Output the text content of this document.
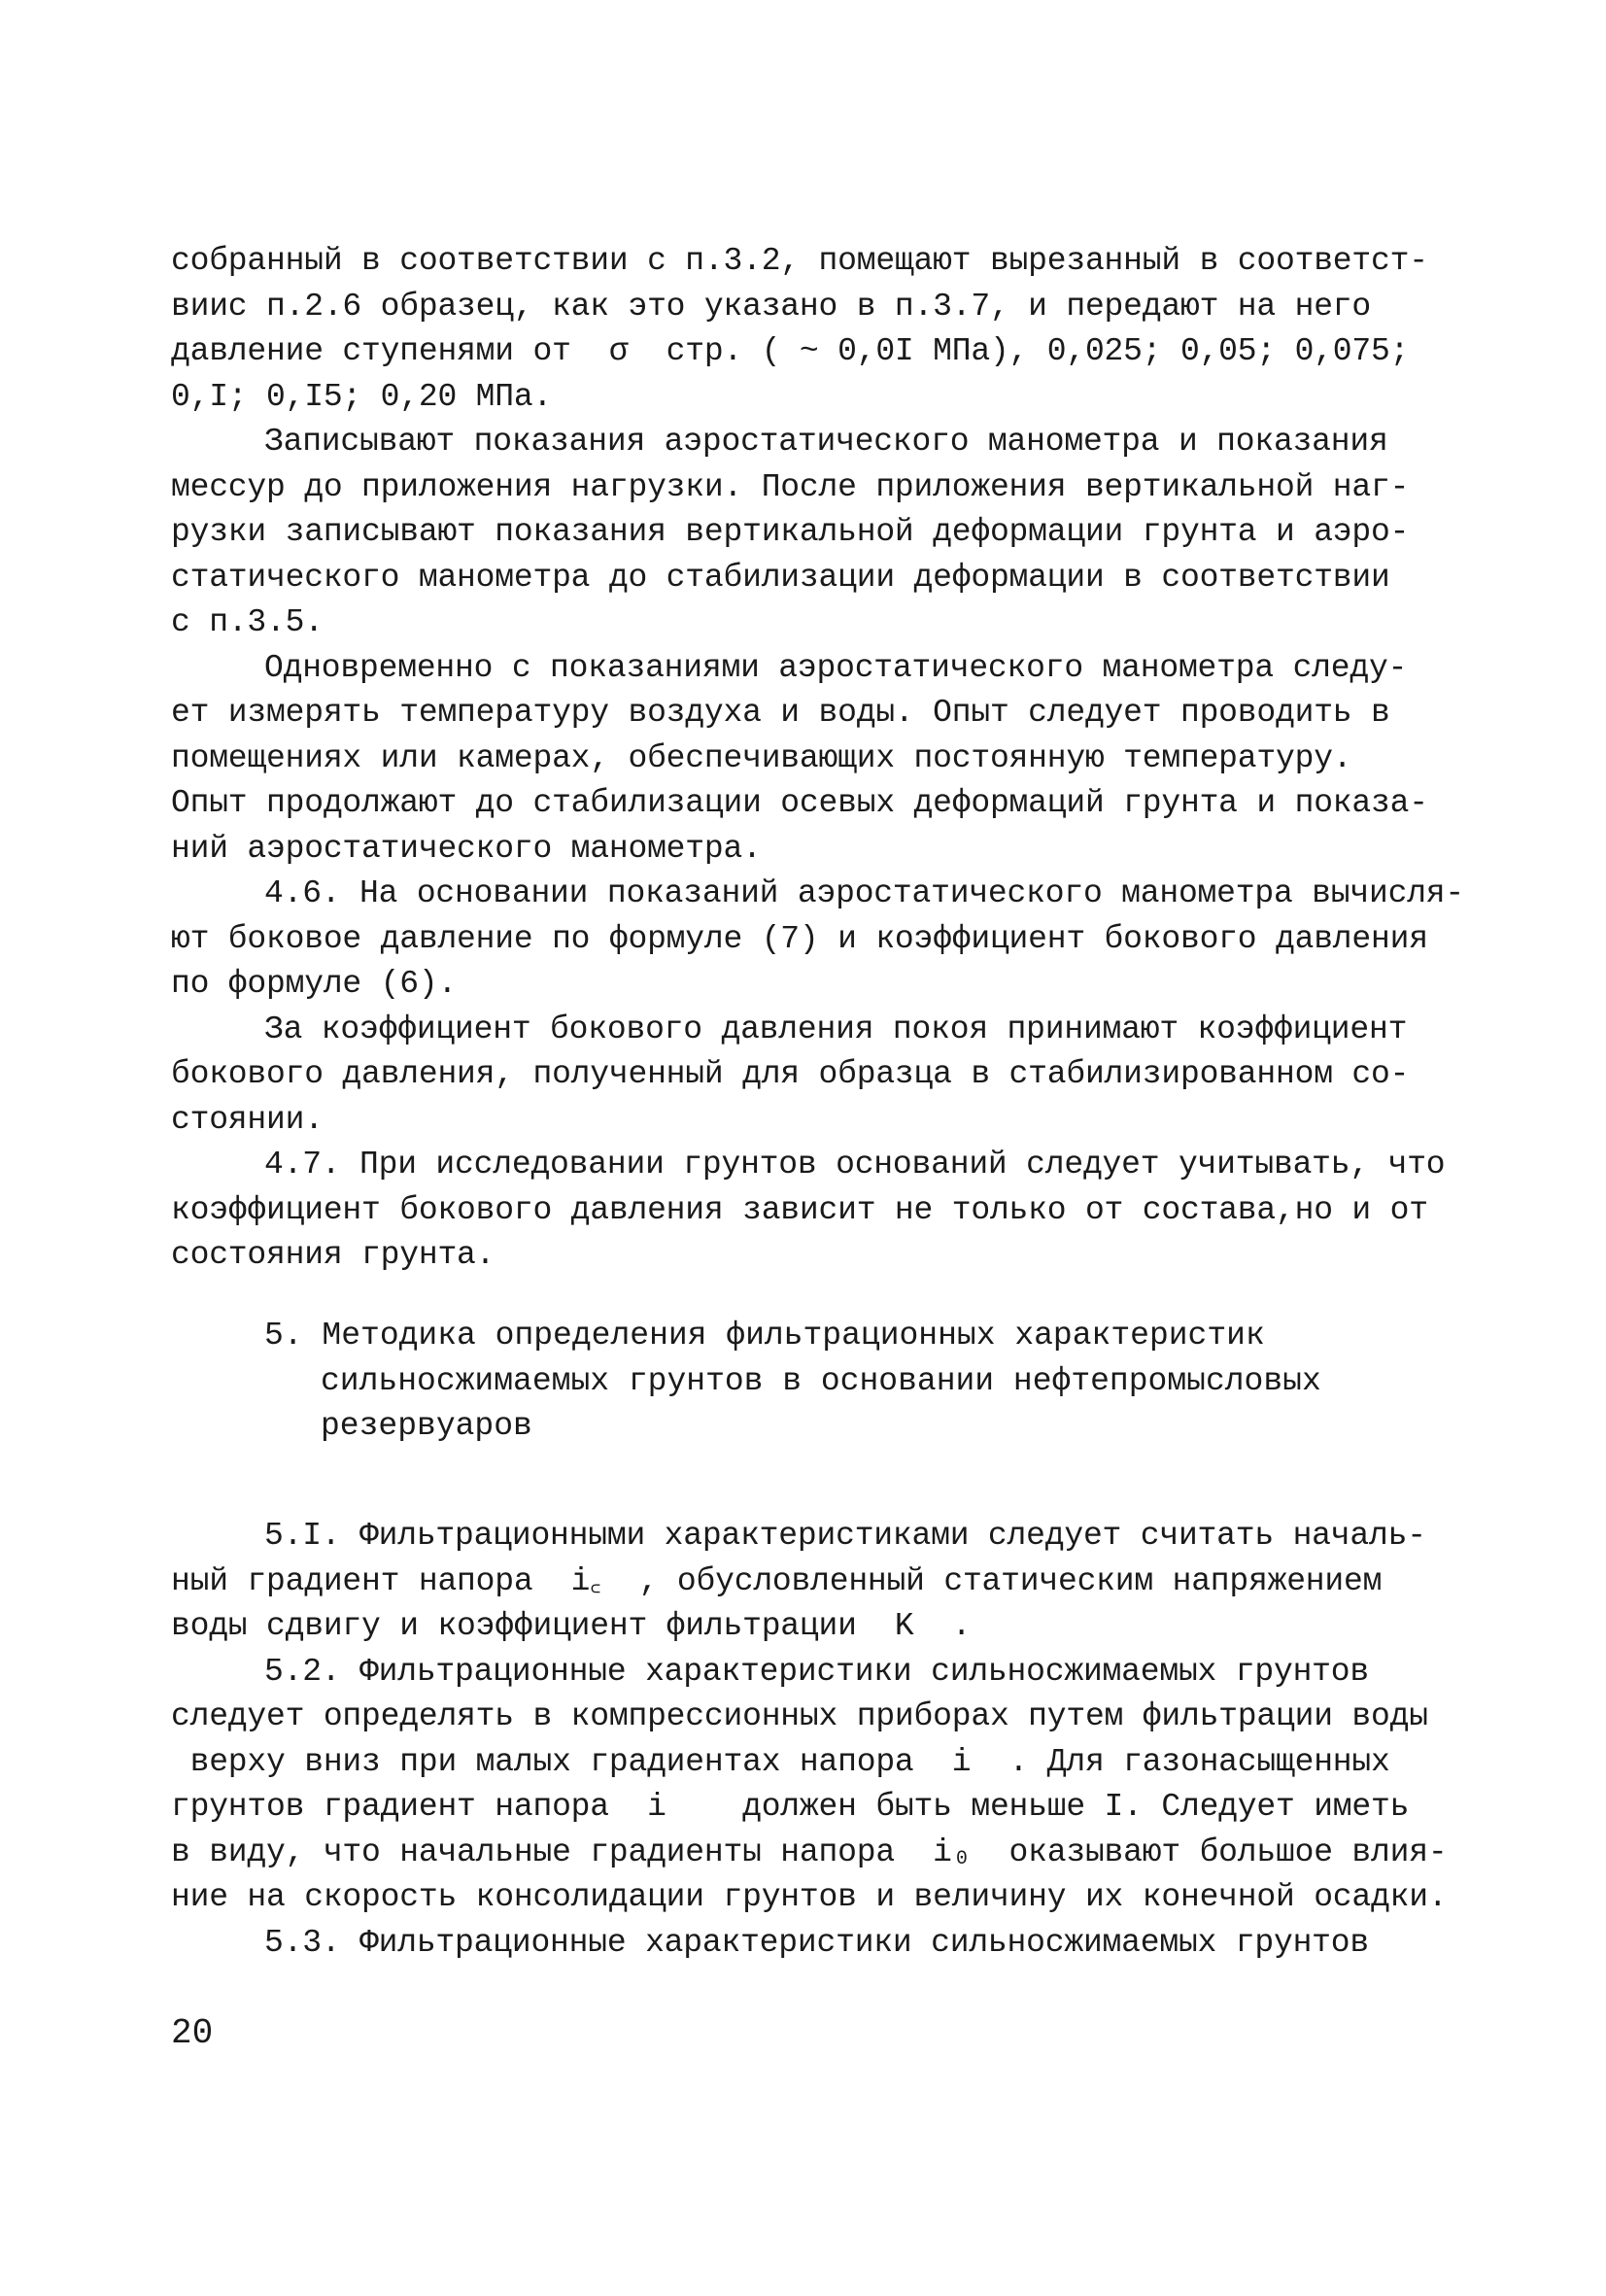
собранный в соответствии с п.3.2, помещают вырезанный в соответст-
виис п.2.6 образец, как это указано в п.3.7, и передают на него
давление ступенями от  σ  стр. ( ~ 0,0I МПа), 0,025; 0,05; 0,075;
0,I; 0,I5; 0,20 МПа.
Записывают показания аэростатического манометра и показания
мессур до приложения нагрузки. После приложения вертикальной наг-
рузки записывают показания вертикальной деформации грунта и аэро-
статического манометра до стабилизации деформации в соответствии
с п.3.5.
Одновременно с показаниями аэростатического манометра следу-
ет измерять температуру воздуха и воды. Опыт следует проводить в
помещениях или камерах, обеспечивающих постоянную температуру.
Опыт продолжают до стабилизации осевых деформаций грунта и показа-
ний аэростатического манометра.
4.6. На основании показаний аэростатического манометра вычисля-
ют боковое давление по формуле (7) и коэффициент бокового давления
по формуле (6).
За коэффициент бокового давления покоя принимают коэффициент
бокового давления, полученный для образца в стабилизированном со-
стоянии.
4.7. При исследовании грунтов оснований следует учитывать, что
коэффициент бокового давления зависит не только от состава,но и от
состояния грунта.
5. Методика определения фильтрационных характеристик
сильносжимаемых грунтов в основании нефтепромысловых
резервуаров
5.I. Фильтрационными характеристиками следует считать началь-
ный градиент напора  i꜀  , обусловленный статическим напряжением
воды сдвигу и коэффициент фильтрации  K  .
5.2. Фильтрационные характеристики сильносжимаемых грунтов
следует определять в компрессионных приборах путем фильтрации воды
верху вниз при малых градиентах напора  i  . Для газонасыщенных
грунтов градиент напора  i    должен быть меньше I. Следует иметь
в виду, что начальные градиенты напора  i₀  оказывают большое влия-
ние на скорость консолидации грунтов и величину их конечной осадки.
5.3. Фильтрационные характеристики сильносжимаемых грунтов
20
